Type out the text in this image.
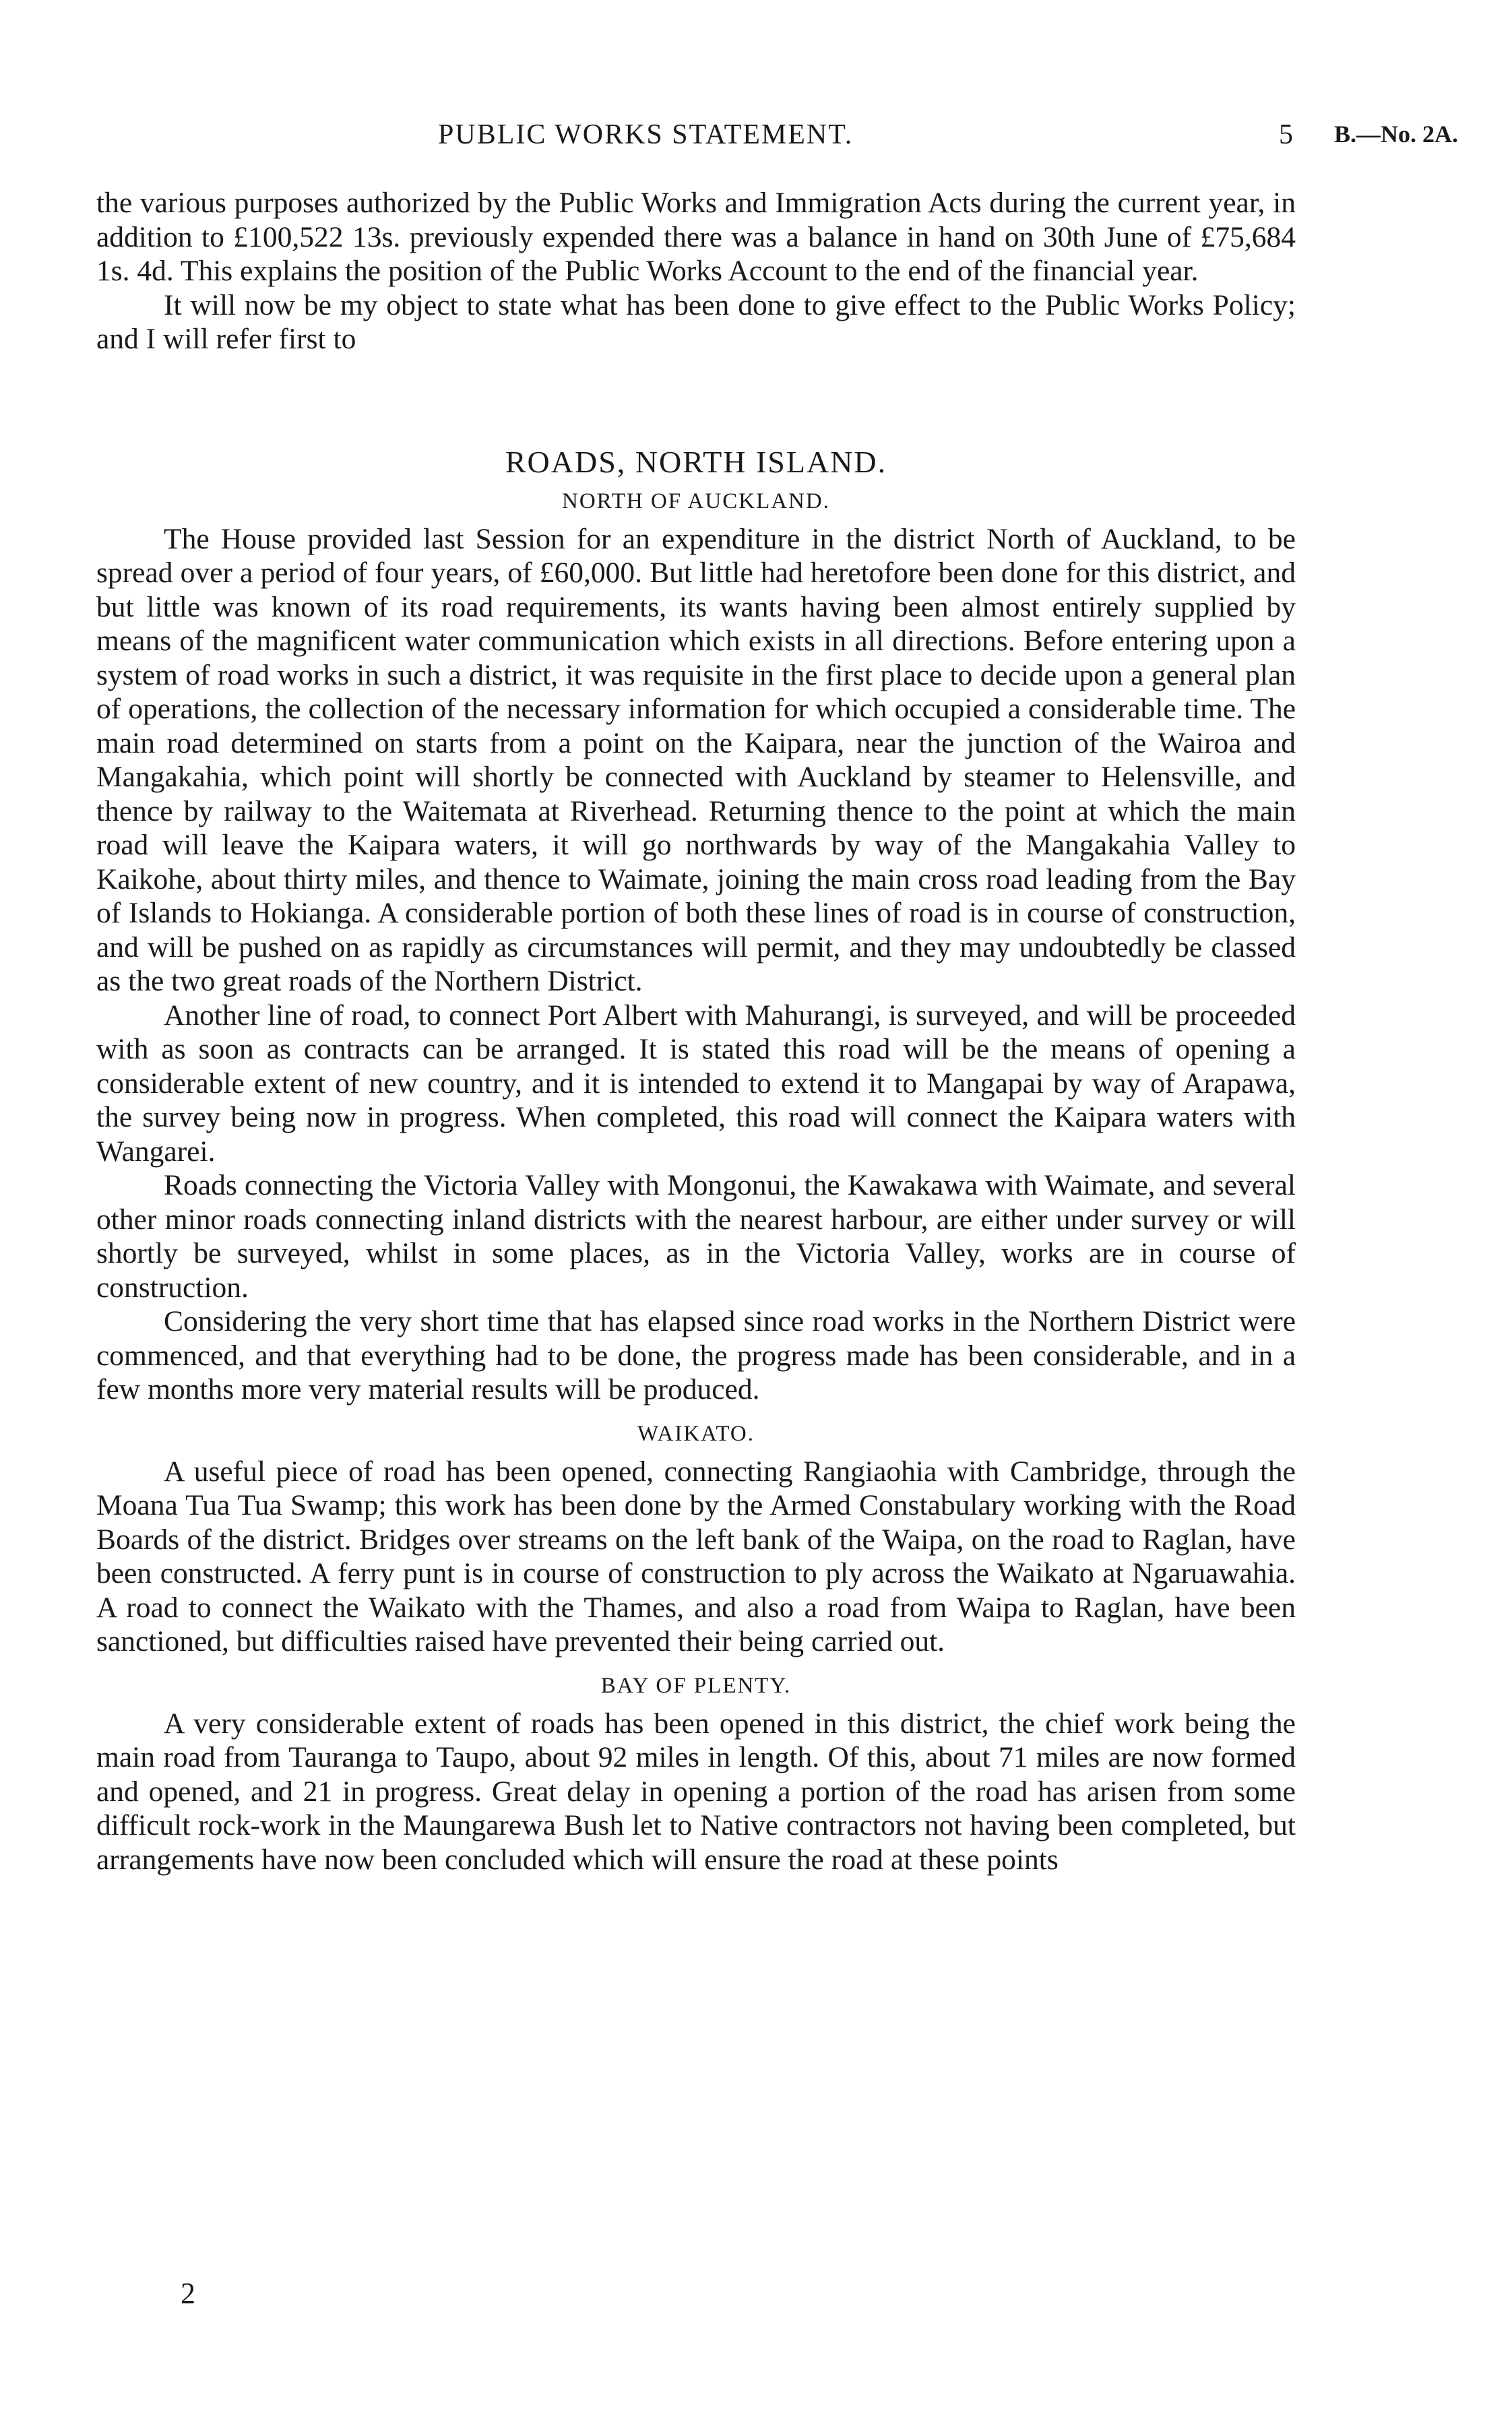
PUBLIC WORKS STATEMENT.	5 B.—No. 2A.

the various purposes authorized by the Public Works and Immigration Acts during the current year, in addition to £100,522 13s. previously expended there was a balance in hand on 30th June of £75,684 1s. 4d. This explains the position of the Public Works Account to the end of the financial year.

It will now be my object to state what has been done to give effect to the Public Works Policy; and I will refer first to

ROADS, NORTH ISLAND.
NORTH OF AUCKLAND.

The House provided last Session for an expenditure in the district North of Auckland, to be spread over a period of four years, of £60,000. But little had heretofore been done for this district, and but little was known of its road requirements, its wants having been almost entirely supplied by means of the magnificent water communication which exists in all directions. Before entering upon a system of road works in such a district, it was requisite in the first place to decide upon a general plan of operations, the collection of the necessary information for which occupied a considerable time. The main road determined on starts from a point on the Kaipara, near the junction of the Wairoa and Mangakahia, which point will shortly be connected with Auckland by steamer to Helensville, and thence by railway to the Waitemata at Riverhead. Returning thence to the point at which the main road will leave the Kaipara waters, it will go northwards by way of the Mangakahia Valley to Kaikohe, about thirty miles, and thence to Waimate, joining the main cross road leading from the Bay of Islands to Hokianga. A considerable portion of both these lines of road is in course of construction, and will be pushed on as rapidly as circumstances will permit, and they may undoubtedly be classed as the two great roads of the Northern District.

Another line of road, to connect Port Albert with Mahurangi, is surveyed, and will be proceeded with as soon as contracts can be arranged. It is stated this road will be the means of opening a considerable extent of new country, and it is intended to extend it to Mangapai by way of Arapawa, the survey being now in progress. When completed, this road will connect the Kaipara waters with Wangarei.

Roads connecting the Victoria Valley with Mongonui, the Kawakawa with Waimate, and several other minor roads connecting inland districts with the nearest harbour, are either under survey or will shortly be surveyed, whilst in some places, as in the Victoria Valley, works are in course of construction.

Considering the very short time that has elapsed since road works in the Northern District were commenced, and that everything had to be done, the progress made has been considerable, and in a few months more very material results will be produced.

WAIKATO.

A useful piece of road has been opened, connecting Rangiaohia with Cambridge, through the Moana Tua Tua Swamp; this work has been done by the Armed Constabulary working with the Road Boards of the district. Bridges over streams on the left bank of the Waipa, on the road to Raglan, have been constructed. A ferry punt is in course of construction to ply across the Waikato at Ngaruawahia. A road to connect the Waikato with the Thames, and also a road from Waipa to Raglan, have been sanctioned, but difficulties raised have prevented their being carried out.

BAY OF PLENTY.

A very considerable extent of roads has been opened in this district, the chief work being the main road from Tauranga to Taupo, about 92 miles in length. Of this, about 71 miles are now formed and opened, and 21 in progress. Great delay in opening a portion of the road has arisen from some difficult rock-work in the Maungarewa Bush let to Native contractors not having been completed, but arrangements have now been concluded which will ensure the road at these points

2
